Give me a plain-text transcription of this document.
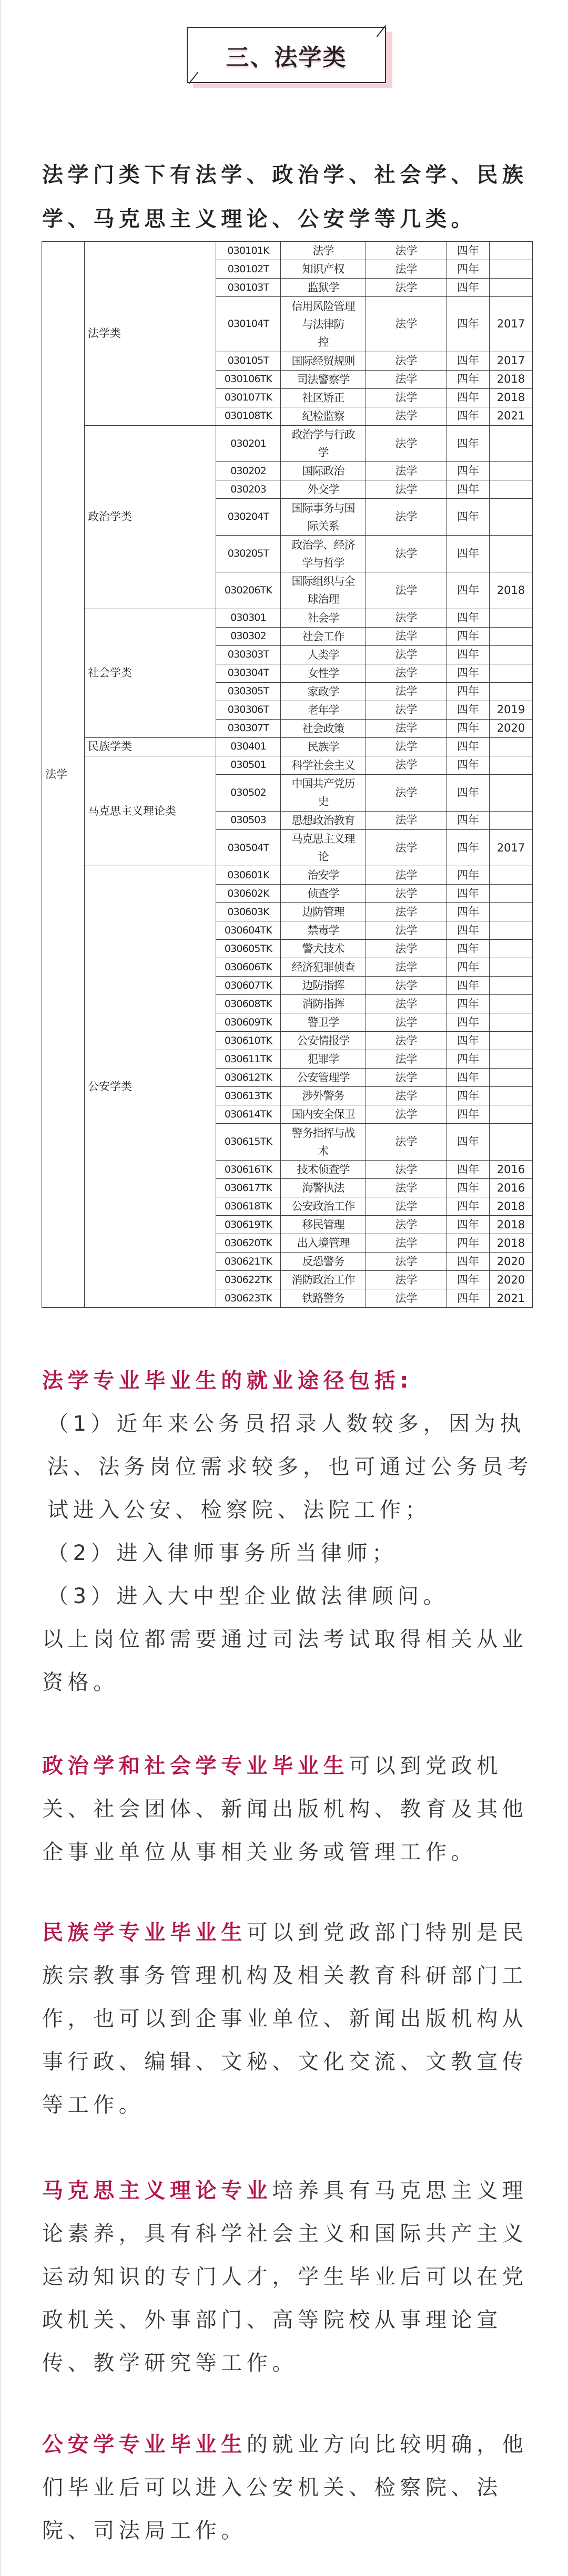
三、法学类
法学门类下有法学、政治学、社会学、民族学、马克思主义理论、公安学等几类。
法学	法学类	030101K	法学	法学	四年	
		030102T	知识产权	法学	四年	
		030103T	监狱学	法学	四年	
		030104T	信用风险管理
与法律防
控	法学	四年	2017
		030105T	国际经贸规则	法学	四年	2017
		030106TK	司法警察学	法学	四年	2018
		030107TK	社区矫正	法学	四年	2018
		030108TK	纪检监察	法学	四年	2021
	政治学类	030201	政治学与行政
学	法学	四年	
		030202	国际政治	法学	四年	
		030203	外交学	法学	四年	
		030204T	国际事务与国
际关系	法学	四年	
		030205T	政治学、经济
学与哲学	法学	四年	
		030206TK	国际组织与全
球治理	法学	四年	2018
	社会学类	030301	社会学	法学	四年	
		030302	社会工作	法学	四年	
		030303T	人类学	法学	四年	
		030304T	女性学	法学	四年	
		030305T	家政学	法学	四年	
		030306T	老年学	法学	四年	2019
		030307T	社会政策	法学	四年	2020
	民族学类	030401	民族学	法学	四年	
	马克思主义理论类	030501	科学社会主义	法学	四年	
		030502	中国共产党历
史	法学	四年	
		030503	思想政治教育	法学	四年	
		030504T	马克思主义理
论	法学	四年	2017
	公安学类	030601K	治安学	法学	四年	
		030602K	侦查学	法学	四年	
		030603K	边防管理	法学	四年	
		030604TK	禁毒学	法学	四年	
		030605TK	警犬技术	法学	四年	
		030606TK	经济犯罪侦查	法学	四年	
		030607TK	边防指挥	法学	四年	
		030608TK	消防指挥	法学	四年	
		030609TK	警卫学	法学	四年	
		030610TK	公安情报学	法学	四年	
		030611TK	犯罪学	法学	四年	
		030612TK	公安管理学	法学	四年	
		030613TK	涉外警务	法学	四年	
		030614TK	国内安全保卫	法学	四年	
		030615TK	警务指挥与战
术	法学	四年	
		030616TK	技术侦查学	法学	四年	2016
		030617TK	海警执法	法学	四年	2016
		030618TK	公安政治工作	法学	四年	2018
		030619TK	移民管理	法学	四年	2018
		030620TK	出入境管理	法学	四年	2018
		030621TK	反恐警务	法学	四年	2020
		030622TK	消防政治工作	法学	四年	2020
		030623TK	铁路警务	法学	四年	2021
法学专业毕业生的就业途径包括:
（1）近年来公务员招录人数较多，因为执法、法务岗位需求较多，也可通过公务员考试进入公安、检察院、法院工作；
（2）进入律师事务所当律师；
（3）进入大中型企业做法律顾问。
以上岗位都需要通过司法考试取得相关从业资格。
政治学和社会学专业毕业生可以到党政机关、社会团体、新闻出版机构、教育及其他企事业单位从事相关业务或管理工作。
民族学专业毕业生可以到党政部门特别是民族宗教事务管理机构及相关教育科研部门工作，也可以到企事业单位、新闻出版机构从事行政、编辑、文秘、文化交流、文教宣传等工作。
马克思主义理论专业培养具有马克思主义理论素养，具有科学社会主义和国际共产主义运动知识的专门人才，学生毕业后可以在党政机关、外事部门、高等院校从事理论宣传、教学研究等工作。
公安学专业毕业生的就业方向比较明确，他们毕业后可以进入公安机关、检察院、法院、司法局工作。
